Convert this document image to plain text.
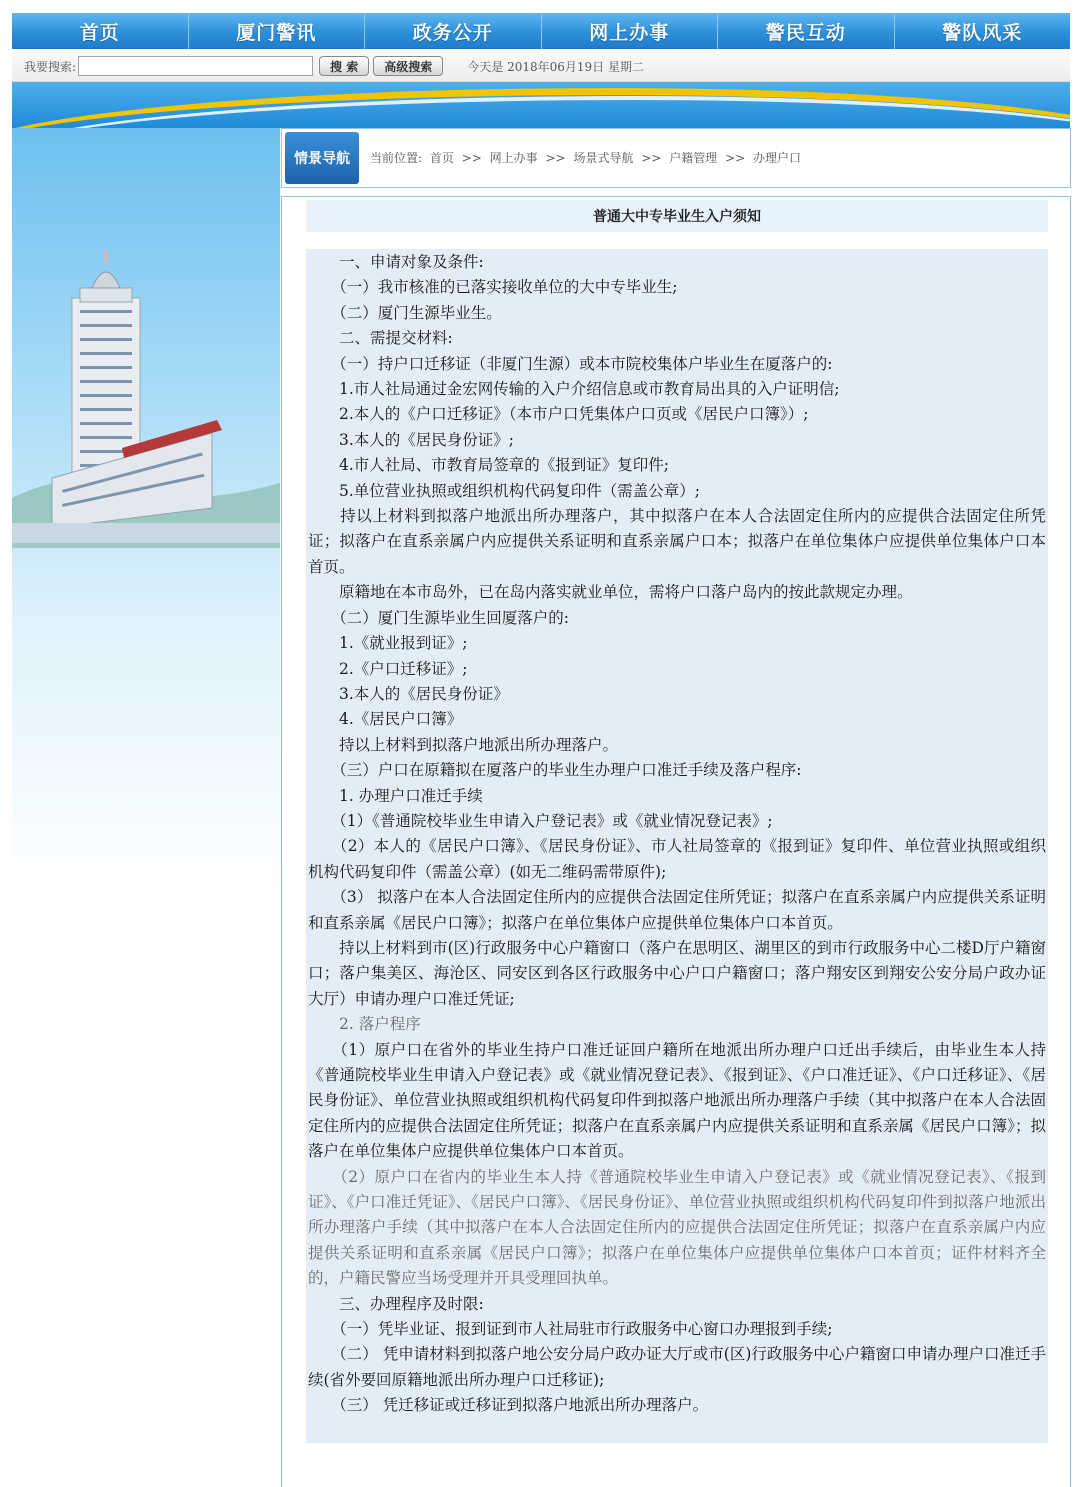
首页	厦门警讯	政务公开	网上办事	警民互动	警队风采
我要搜索:	搜 索	高级搜索	今天是 2018年06月19日 星期二
情景导航	当前位置: 首页 >> 网上办事 >> 场景式导航 >> 户籍管理 >> 办理户口
普通大中专毕业生入户须知

　　一、申请对象及条件:

　　（一）我市核准的已落实接收单位的大中专毕业生;

　　（二）厦门生源毕业生。

　　二、需提交材料:

　　（一）持户口迁移证（非厦门生源）或本市院校集体户毕业生在厦落户的:

　　1.市人社局通过金宏网传输的入户介绍信息或市教育局出具的入户证明信;

　　2.本人的《户口迁移证》（本市户口凭集体户口页或《居民户口簿》）;

　　3.本人的《居民身份证》;

　　4.市人社局、市教育局签章的《报到证》复印件;

　　5.单位营业执照或组织机构代码复印件（需盖公章）;

　　持以上材料到拟落户地派出所办理落户，其中拟落户在本人合法固定住所内的应提供合法固定住所凭证；拟落户在直系亲属户内应提供关系证明和直系亲属户口本；拟落户在单位集体户应提供单位集体户口本首页。

　　原籍地在本市岛外，已在岛内落实就业单位，需将户口落户岛内的按此款规定办理。

　　（二）厦门生源毕业生回厦落户的:

　　1.《就业报到证》;

　　2.《户口迁移证》;

　　3.本人的《居民身份证》

　　4.《居民户口簿》

　　持以上材料到拟落户地派出所办理落户。

　　（三）户口在原籍拟在厦落户的毕业生办理户口准迁手续及落户程序:

　　1. 办理户口准迁手续

　　（1）《普通院校毕业生申请入户登记表》或《就业情况登记表》;

　　（2）本人的《居民户口簿》、《居民身份证》、市人社局签章的《报到证》复印件、单位营业执照或组织机构代码复印件（需盖公章）(如无二维码需带原件);

　　（3） 拟落户在本人合法固定住所内的应提供合法固定住所凭证；拟落户在直系亲属户内应提供关系证明和直系亲属《居民户口簿》；拟落户在单位集体户应提供单位集体户口本首页。

　　持以上材料到市(区)行政服务中心户籍窗口（落户在思明区、湖里区的到市行政服务中心二楼D厅户籍窗口；落户集美区、海沧区、同安区到各区行政服务中心户口户籍窗口；落户翔安区到翔安公安分局户政办证大厅）申请办理户口准迁凭证;

　　2. 落户程序

　　（1）原户口在省外的毕业生持户口准迁证回户籍所在地派出所办理户口迁出手续后，由毕业生本人持《普通院校毕业生申请入户登记表》或《就业情况登记表》、《报到证》、《户口准迁证》、《户口迁移证》、《居民身份证》、单位营业执照或组织机构代码复印件到拟落户地派出所办理落户手续（其中拟落户在本人合法固定住所内的应提供合法固定住所凭证；拟落户在直系亲属户内应提供关系证明和直系亲属《居民户口簿》；拟落户在单位集体户应提供单位集体户口本首页。

　　（2）原户口在省内的毕业生本人持《普通院校毕业生申请入户登记表》或《就业情况登记表》、《报到证》、《户口准迁凭证》、《居民户口簿》、《居民身份证》、单位营业执照或组织机构代码复印件到拟落户地派出所办理落户手续（其中拟落户在本人合法固定住所内的应提供合法固定住所凭证；拟落户在直系亲属户内应提供关系证明和直系亲属《居民户口簿》；拟落户在单位集体户应提供单位集体户口本首页；证件材料齐全的，户籍民警应当场受理并开具受理回执单。

　　三、办理程序及时限:

　　（一）凭毕业证、报到证到市人社局驻市行政服务中心窗口办理报到手续;

　　（二） 凭申请材料到拟落户地公安分局户政办证大厅或市(区)行政服务中心户籍窗口申请办理户口准迁手续(省外要回原籍地派出所办理户口迁移证);

　　（三） 凭迁移证或迁移证到拟落户地派出所办理落户。
